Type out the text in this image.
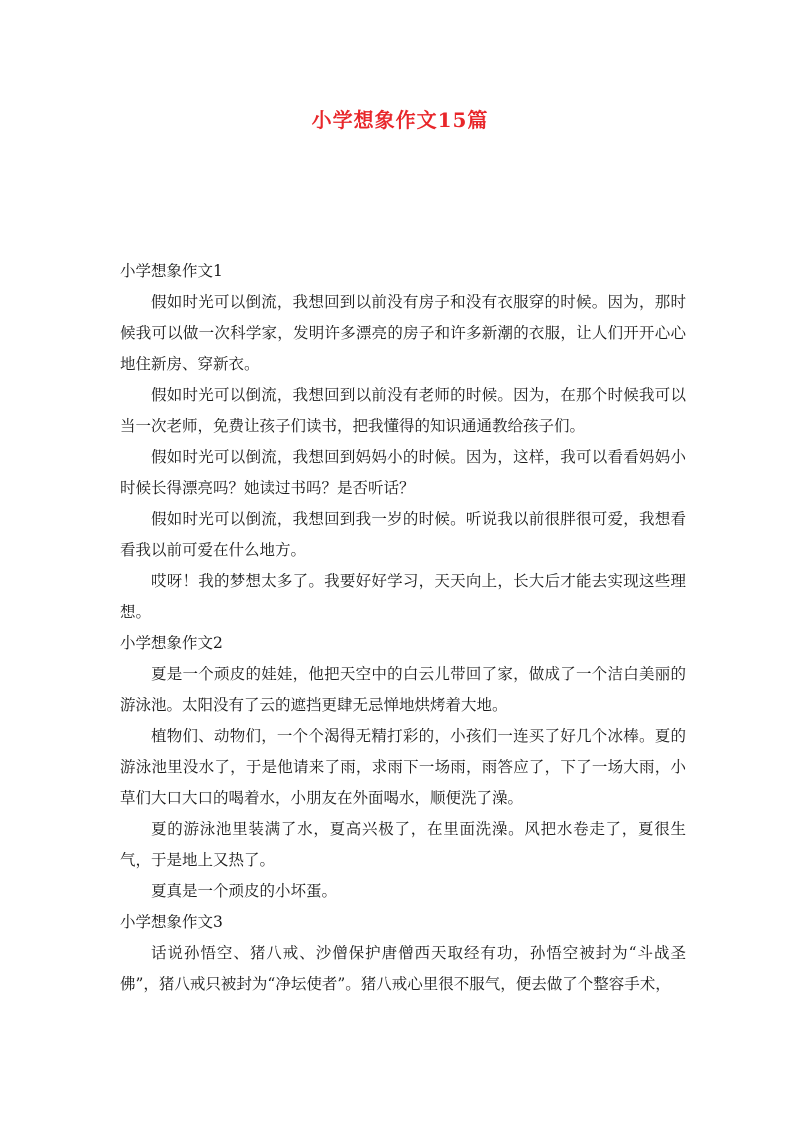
小学想象作文15篇

小学想象作文1

假如时光可以倒流，我想回到以前没有房子和没有衣服穿的时候。因为，那时候我可以做一次科学家，发明许多漂亮的房子和许多新潮的衣服，让人们开开心心地住新房、穿新衣。

假如时光可以倒流，我想回到以前没有老师的时候。因为，在那个时候我可以当一次老师，免费让孩子们读书，把我懂得的知识通通教给孩子们。

假如时光可以倒流，我想回到妈妈小的时候。因为，这样，我可以看看妈妈小时候长得漂亮吗？她读过书吗？是否听话？

假如时光可以倒流，我想回到我一岁的时候。听说我以前很胖很可爱，我想看看我以前可爱在什么地方。

哎呀！我的梦想太多了。我要好好学习，天天向上，长大后才能去实现这些理想。

小学想象作文2

夏是一个顽皮的娃娃，他把天空中的白云儿带回了家，做成了一个洁白美丽的游泳池。太阳没有了云的遮挡更肆无忌惮地烘烤着大地。

植物们、动物们，一个个渴得无精打彩的，小孩们一连买了好几个冰棒。夏的游泳池里没水了，于是他请来了雨，求雨下一场雨，雨答应了，下了一场大雨，小草们大口大口的喝着水，小朋友在外面喝水，顺便洗了澡。

夏的游泳池里装满了水，夏高兴极了，在里面洗澡。风把水卷走了，夏很生气，于是地上又热了。

夏真是一个顽皮的小坏蛋。

小学想象作文3

话说孙悟空、猪八戒、沙僧保护唐僧西天取经有功，孙悟空被封为“斗战圣佛”，猪八戒只被封为“净坛使者”。猪八戒心里很不服气，便去做了个整容手术，
